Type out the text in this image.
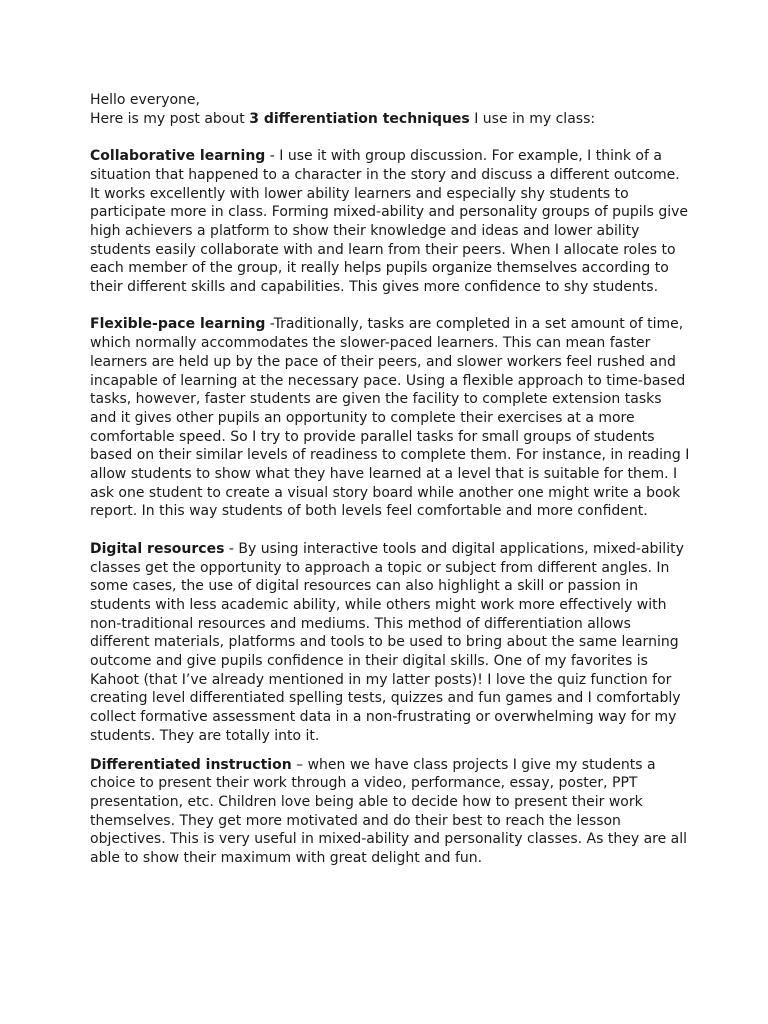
Hello everyone,

Here is my post about 3 differentiation techniques I use in my class:

Collaborative learning - I use it with group discussion. For example, I think of a situation that happened to a character in the story and discuss a different outcome. It works excellently with lower ability learners and especially shy students to participate more in class. Forming mixed-ability and personality groups of pupils give high achievers a platform to show their knowledge and ideas and lower ability students easily collaborate with and learn from their peers. When I allocate roles to each member of the group, it really helps pupils organize themselves according to their different skills and capabilities. This gives more confidence to shy students.

Flexible-pace learning -Traditionally, tasks are completed in a set amount of time, which normally accommodates the slower-paced learners. This can mean faster learners are held up by the pace of their peers, and slower workers feel rushed and incapable of learning at the necessary pace. Using a flexible approach to time-based tasks, however, faster students are given the facility to complete extension tasks and it gives other pupils an opportunity to complete their exercises at a more comfortable speed. So I try to provide parallel tasks for small groups of students based on their similar levels of readiness to complete them. For instance, in reading I allow students to show what they have learned at a level that is suitable for them. I ask one student to create a visual story board while another one might write a book report. In this way students of both levels feel comfortable and more confident.

Digital resources - By using interactive tools and digital applications, mixed-ability classes get the opportunity to approach a topic or subject from different angles. In some cases, the use of digital resources can also highlight a skill or passion in students with less academic ability, while others might work more effectively with non-traditional resources and mediums. This method of differentiation allows different materials, platforms and tools to be used to bring about the same learning outcome and give pupils confidence in their digital skills. One of my favorites is Kahoot (that I’ve already mentioned in my latter posts)! I love the quiz function for creating level differentiated spelling tests, quizzes and fun games and I comfortably collect formative assessment data in a non-frustrating or overwhelming way for my students. They are totally into it.

Differentiated instruction – when we have class projects I give my students a choice to present their work through a video, performance, essay, poster, PPT presentation, etc. Children love being able to decide how to present their work themselves. They get more motivated and do their best to reach the lesson objectives. This is very useful in mixed-ability and personality classes. As they are all able to show their maximum with great delight and fun.
